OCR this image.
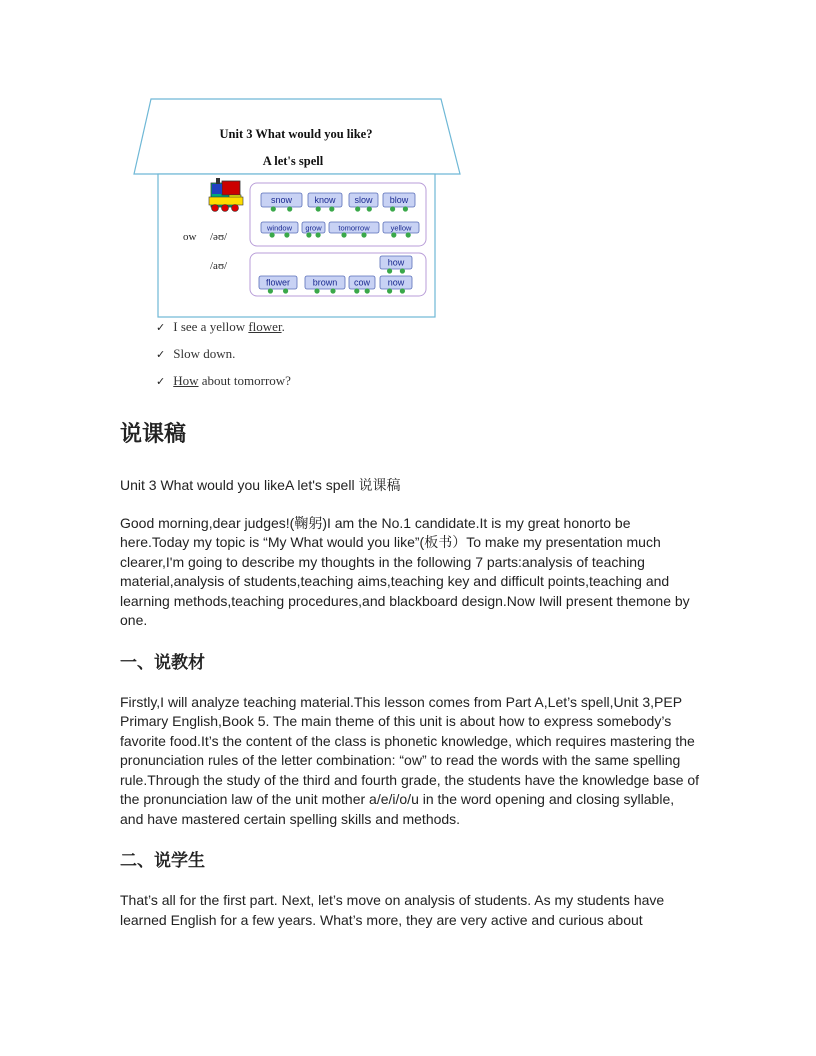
Unit 3 What would you like?
A let's spell
ow /əʊ/
/aʊ/
snow know slow blow
window grow tomorrow	yellow
how
flower	brown cow now
✓ I see a yellow flower.
✓ Slow down.
✓ How about tomorrow?
说课稿

Unit 3 What would you likeA let's spell 说课稿

Good morning,dear judges!(鞠躬)I am the No.1 candidate.It is my great honorto be here.Today my topic is “My What would you like”(板书）To make my presentation much clearer,I'm going to describe my thoughts in the following 7 parts:analysis of teaching material,analysis of students,teaching aims,teaching key and difficult points,teaching and learning methods,teaching procedures,and blackboard design.Now Iwill present themone by one.

一、说教材

Firstly,I will analyze teaching material.This lesson comes from Part A,Let’s spell,Unit 3,PEP Primary English,Book 5. The main theme of this unit is about how to express somebody’s favorite food.It’s the content of the class is phonetic knowledge, which requires mastering the pronunciation rules of the letter combination: “ow” to read the words with the same spelling rule.Through the study of the third and fourth grade, the students have the knowledge base of the pronunciation law of the unit mother a/e/i/o/u in the word opening and closing syllable, and have mastered certain spelling skills and methods.

二、说学生

That’s all for the first part. Next, let’s move on analysis of students. As my students have learned English for a few years. What’s more, they are very active and curious about
